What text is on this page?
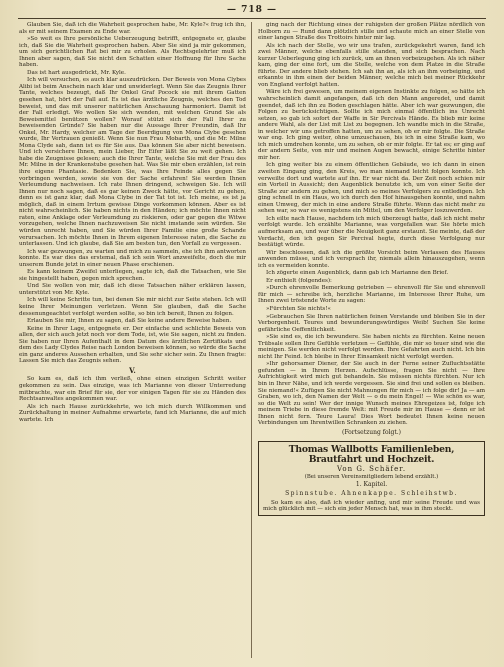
— 718 —

Glauben Sie, daß ich die Wahrheit gesprochen habe, Mr. Kyle?« frug ich ihn, als er mit seinem Examen zu Ende war.

»So weit es Ihre persönliche Ueberzeugung betrifft, entgegnete er, glaube ich, daß Sie die Wahrheit gesprochen haben. Aber Sie sind ja mir gekommen, um sich gerichtlichen Rat bei mir zu erholen. Als Rechtsgelehrter muß ich Ihnen aber sagen, daß Sie nicht den Schatten einer Hoffnung für Ihre Sache haben.

Das ist hart ausgedrückt, Mr. Kyle.

Ich will versuchen, es auch klar auszudrücken. Der Beweis von Mona Clybes Alibi ist beim Anschein nach klar und unwiderlegt. Wenn Sie das Zeugnis Ihrer Tante, welches bezeugt, daß Ihr Onkel Graf Pocock sie mit ihrem Gatten gesehen hat, hört der Fall auf. Es ist das ärztliche Zeugnis, welches den Tod beweist, und das mit unserer natürlichen Anschauung harmoniert. Damit ist der Fall erledigt. Wo wollen Sie sich wenden, mit welchen Grund Sie als Beweismittel benützen wollen? Worauf stützt sich der Fall Ihrer zu beweisenden Gründe? Sie haben nur die Aussage Ihrer Freundin, daß Ihr Onkel, Mr. Hardy, welcher am Tage der Beerdigung von Mona Clybe gesehen wurde, Ihr Vertrauen genießt. Wenn Sie nun Frau Mobarth, und die Mr. Milne Mona Clyde sah, dann ist es für Sie aus. Das können Sie aber nicht beweisen. Und ich versichere Ihnen, mein Lieber, Ihr Eifer läßt Sie zu weit gehen. Ich habe die Zeugnisse gelesen; auch die Ihrer Tante, welche Sie mit der Frau des Mr. Milne in der Krankenstube gesehen hat. Was Sie mir eben erzählen, ist rein ihre eigene Phantasie. Bedenken Sie, was Ihre Feinde alles gegen Sie vorbringen werden, sowie sie von der Sache erfahren! Sie werden Ihnen Verleumdung nachweisen. Ich rate Ihnen dringend, schweigen Sie. Ich will Ihnen nur noch sagen, daß es gar keinen Zweck hätte, vor Gericht zu gehen, denn es ist ganz klar, daß Mona Clybe in der Tat tot ist. Ich meine, es ist ja möglich, daß in einem Irrtum gewisse Dinge vorkommen können. Aber es ist nicht wahrscheinlich. Sie haben nichts in den Händen; ich möchte Ihnen nicht raten, eine Anklage oder Verleumdung zu riskieren, oder gar gegen die Witwe vorzugehen, welche Ihnen nachzuweisen Sie nicht imstande sein würden. Sie würden unrecht haben, und Sie würden Ihrer Familie eine große Schande verursachen. Ich möchte Ihnen in Ihrem eigenen Interesse raten, die Sache zu unterlassen. Und ich glaube, daß Sie am besten tun, den Vorfall zu vergessen.

Ich war gezwungen, zu warten und mich zu sammeln, ehe ich ihm antworten konnte. Es war dies das erstemal, daß ich sein Wort anzweifelte, doch die mir unserem Bunde jetzt in einer neuen Phase erschienen.

Es kann keinem Zweifel unterliegen, sagte ich, daß die Tatsachen, wie Sie sie hingestellt haben, gegen mich sprechen.

Und Sie wollen von mir, daß ich diese Tatsachen näher erklären lassen, unterstützt von Mr. Kyle.

Ich will keine Schritte tun, bei denen Sie mir nicht zur Seite stehen. Ich will keine Ihrer Meinungen verletzen. Wenn Sie glauben, daß die Sache dessenungeachtet verfolgt werden sollte, so bin ich bereit, Ihnen zu folgen.

Erlauben Sie mir, Ihnen zu sagen, daß Sie keine andere Beweise haben.

Keine in Ihrer Lage, entgegnete er. Der einfache und schlichte Beweis von allen, der sich auch jetzt noch vor dem Tode, ist, wie Sie sagen, nicht zu finden. Sie haben nur Ihren Aufenthalt in dem Datum des ärztlichen Zertifikats und dem des Lady Clydes Reise nach London beweisen können, so würde die Sache ein ganz anderes Aussehen erhalten, und Sie sehr sicher sein. Zu Ihnen fragte: Lassen Sie mich das Zeugnis sehen.

V.

So kam es, daß ich ihm verließ, ohne einen einzigen Schritt weiter gekommen zu sein. Das einzige, was ich Marianne von dieser Unterredung mitbrachte, war ein Brief für sie, der vor einigen Tagen für sie zu Händen des Rechtsanwaltes angekommen war.

Als ich nach Hause zurückkehrte, wo ich mich durch Willkommen und Zurückhaltung in meiner Aufnahme erwartete, fand ich Marianne, die auf mich wartete. Ich

ging nach der Richtung eines der ruhigsten der großen Plätze nördlich von Holborn zu — Rund dann plötzlich stille und schaute mich an einer Stelle von einer langen Straße des Trottoirs hinter mir lag.

Als ich nach der Stelle, wo wir uns trafen, zurückgekehrt waren, fand ich zwei Männer, welche ebenfalls stille standen, und sich besprachen. Nach kurzer Ueberlegung ging ich zurück, um an ihnen vorbeizugehen. Als ich näher kam, ging der eine fort, um die Stelle, welche von dem Platze in die Straße führte. Der andere blieb stehen. Ich sah ihn an, als ich an ihm vorbeiging, und erkannte in ihm einen der beiden Männer, welche mich bei meiner Rückkehr von England verfolgt hatten.

Wäre ich frei gewesen, um meinem eigenen Instinkte zu folgen, so hätte ich wahrscheinlich damit angefangen, daß ich den Mann angeredet, und damit geendet, daß ich ihn zu Boden geschlagen hätte. Aber ich war gezwungen, die Folgen zu berücksichtigen. Sollte ich mich einmal öffentlich ins Unrecht setzen, so gab ich sofort der Waffe in Sir Percivals Hände. Es blieb mir keine andere Wahl, als der List mit List zu begegnen. Ich wandte mich in die Straße, in welcher wir uns getroffen hatten, um zu sehen, ob er mir folgte. Die Straße war eng. Ich ging weiter, ohne umzuschauen, bis ich in eine Straße kam, wo ich mich umdrehen konnte, um zu sehen, ob er mir folgte. Er tat es; er ging auf der andern Seite, von mir und meinen Augen bewacht, einige Schritte hinter mir her.

Ich ging weiter bis zu einem öffentlichen Gebäude, wo ich dann in einen zweiten Eingang ging, den Kreis, wo man niemand leicht folgen konnte. Ich verweilte dort und wartete auf ihn. Er war nicht da. Der Zeit noch schien mir ein Vorteil in Aussicht; den Augenblick benutzte ich, um von einer Seite der Straße zur andern zu gehen, und mich so meines Verfolgers zu entledigen. Ich ging schnell in ein Haus, wo ich durch den Hof hinausgehen konnte, und nahm einen Umweg, der mich in eine andere Straße führte. Wenn das nicht mehr zu sehen war, so war es wenigstens ein Mittel, um den Verfolger loszuwerden.

Ich eilte nach Hause, nachdem ich mich überzeugt hatte, daß ich nicht mehr verfolgt wurde. Ich erzählte Marianne, was vorgefallen war. Sie hörte mich aufmerksam an, und war über die Neuigkeit ganz erstaunt. Sie meinte, daß der Verdacht, den ich gegen Sir Percival hegte, durch diese Verfolgung nur bestätigt würde.

Wir beschlossen, daß ich die größte Vorsicht beim Verlassen des Hauses anwenden müsse, und ich versprach ihr, niemals allein hinauszugehen, wenn ich es vermeiden konnte.

Ich zögerte einen Augenblick, dann gab ich Marianne den Brief.

Er enthielt (folgendes):

»Durch ehrenvolle Bemerkung getrieben — ehrenvoll für Sie und ehrenvoll für mich — schreibe ich, herzliche Marianne, im Interesse Ihrer Ruhe, um Ihnen zwei tröstende Worte zu sagen:

»Fürchten Sie nichts!«

»Gebrauchen Sie Ihren natürlichen feinen Verstande und bleiben Sie in der Verborgenheit. Teures und bewunderungswürdiges Weib! Suchen Sie keine gefährliche Oeffentlichkeit.

»Sie sind es, die ich bewundere. Sie haben nichts zu fürchten. Keine neuen Trübsale sollen Ihre Gefühle verletzen — Gefühle, die mir so teuer sind wie die meinigen. Sie werden nicht verfolgt werden. Ihre Gefahrten auch nicht. Ich bin nicht Ihr Feind. Ich bleibe in Ihrer Einsamkeit nicht verfolgt werden.

»Ihr gehorsamer Diener, der Sie auch in der Ferne seiner Zufluchtsstätte gefunden — in Ihrem Herzen. Aufschlüsse, fragen Sie nicht — Ihre Aufrichtigkeit wird mich gut behandeln. Sie müssen nichts fürchten. Nur ich bin in Ihrer Nähe, und ich werde vergessen. Sie sind frei und sollen es bleiben. Sie niemand!« Zufügen Sie nicht Mahnungen für mich — ich folge dir! Ja — am Graben, wo ich, den Namen der Welt — o du mein Engel! — Wie schön es war, so die Welt zu sein! Wer der innige Wunsch meines Ehregeizes ist, folge ich meinem Triebe in diese fremde Welt: mit Freude mir im Hause — denn er ist Ihnen nicht fern. Teure Laura! Dies Wort bedeutet Ihnen keine neuen Verbindungen um Ihrentwillen Schranken zu ziehen.

(Fortsetzung folgt.)
Thomas Wallbotts Familienleben, Brautfahrt und Hochzeit.
Von G. Schäfer.
(Bei unseren Vereinsmitgliedern lebend erzählt.)
1. Kapitel.
Spinnstube. Ahnenkappe. Schleihstwb.

So kam es also, daß ich wieder anfing, und mir seine Freude und was mich glücklich mit — sich ein jeder Mensch hat, was in ihm steckt.
